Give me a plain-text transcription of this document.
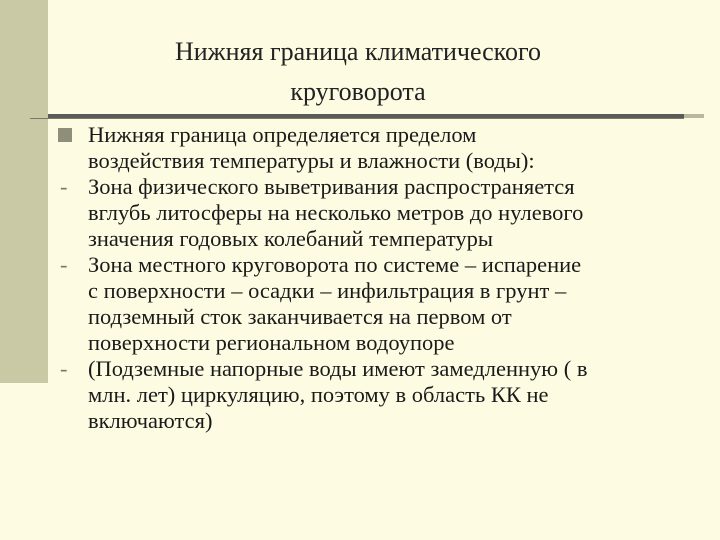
Нижняя граница климатического
круговорота
Нижняя граница определяется пределом
воздействия температуры и влажности (воды):
- Зона физического выветривания распространяется
вглубь литосферы на несколько метров до нулевого
значения годовых колебаний температуры
- Зона местного круговорота по системе – испарение
с поверхности – осадки – инфильтрация в грунт –
подземный сток заканчивается на первом от
поверхности региональном водоупоре
- (Подземные напорные воды имеют замедленную ( в
млн. лет) циркуляцию, поэтому в область КК не
включаются)
